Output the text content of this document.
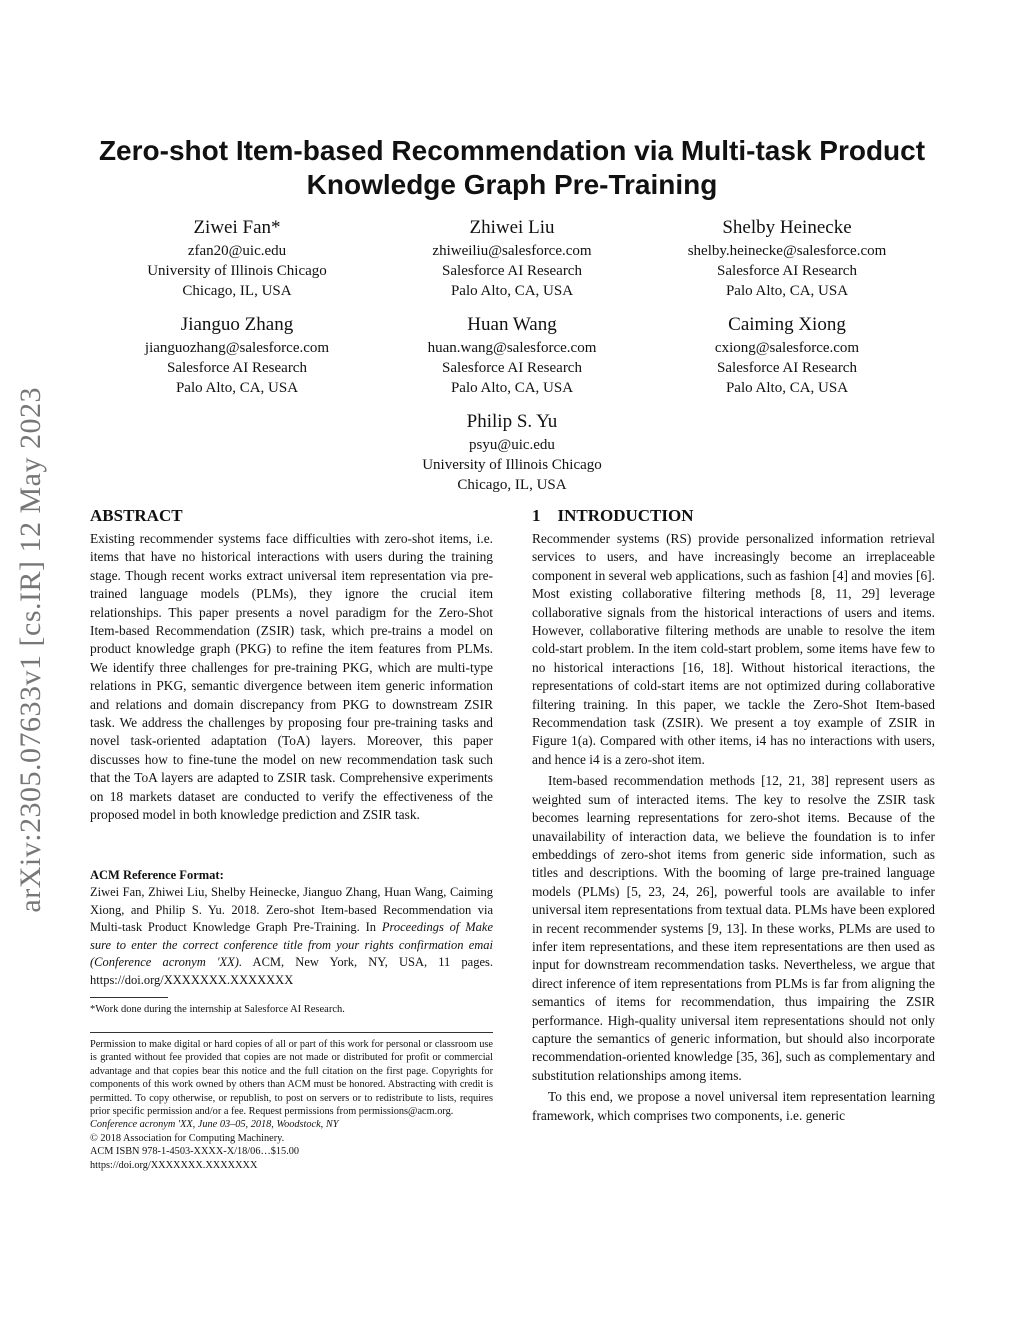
arXiv:2305.07633v1 [cs.IR] 12 May 2023
Zero-shot Item-based Recommendation via Multi-task Product Knowledge Graph Pre-Training
Ziwei Fan*
zfan20@uic.edu
University of Illinois Chicago
Chicago, IL, USA
Zhiwei Liu
zhiweiliu@salesforce.com
Salesforce AI Research
Palo Alto, CA, USA
Shelby Heinecke
shelby.heinecke@salesforce.com
Salesforce AI Research
Palo Alto, CA, USA
Jianguo Zhang
jianguozhang@salesforce.com
Salesforce AI Research
Palo Alto, CA, USA
Huan Wang
huan.wang@salesforce.com
Salesforce AI Research
Palo Alto, CA, USA
Caiming Xiong
cxiong@salesforce.com
Salesforce AI Research
Palo Alto, CA, USA
Philip S. Yu
psyu@uic.edu
University of Illinois Chicago
Chicago, IL, USA
ABSTRACT

Existing recommender systems face difficulties with zero-shot items, i.e. items that have no historical interactions with users during the training stage. Though recent works extract universal item representation via pre-trained language models (PLMs), they ignore the crucial item relationships. This paper presents a novel paradigm for the Zero-Shot Item-based Recommendation (ZSIR) task, which pre-trains a model on product knowledge graph (PKG) to refine the item features from PLMs. We identify three challenges for pre-training PKG, which are multi-type relations in PKG, semantic divergence between item generic information and relations and domain discrepancy from PKG to downstream ZSIR task. We address the challenges by proposing four pre-training tasks and novel task-oriented adaptation (ToA) layers. Moreover, this paper discusses how to fine-tune the model on new recommendation task such that the ToA layers are adapted to ZSIR task. Comprehensive experiments on 18 markets dataset are conducted to verify the effectiveness of the proposed model in both knowledge prediction and ZSIR task.

ACM Reference Format:
Ziwei Fan, Zhiwei Liu, Shelby Heinecke, Jianguo Zhang, Huan Wang, Caiming Xiong, and Philip S. Yu. 2018. Zero-shot Item-based Recommendation via Multi-task Product Knowledge Graph Pre-Training. In Proceedings of Make sure to enter the correct conference title from your rights confirmation emai (Conference acronym 'XX). ACM, New York, NY, USA, 11 pages. https://doi.org/XXXXXXX.XXXXXXX
*Work done during the internship at Salesforce AI Research.
Permission to make digital or hard copies of all or part of this work for personal or classroom use is granted without fee provided that copies are not made or distributed for profit or commercial advantage and that copies bear this notice and the full citation on the first page. Copyrights for components of this work owned by others than ACM must be honored. Abstracting with credit is permitted. To copy otherwise, or republish, to post on servers or to redistribute to lists, requires prior specific permission and/or a fee. Request permissions from permissions@acm.org.
Conference acronym 'XX, June 03–05, 2018, Woodstock, NY
© 2018 Association for Computing Machinery.
ACM ISBN 978-1-4503-XXXX-X/18/06…$15.00
https://doi.org/XXXXXXX.XXXXXXX
1    INTRODUCTION

Recommender systems (RS) provide personalized information retrieval services to users, and have increasingly become an irreplaceable component in several web applications, such as fashion [4] and movies [6]. Most existing collaborative filtering methods [8, 11, 29] leverage collaborative signals from the historical interactions of users and items. However, collaborative filtering methods are unable to resolve the item cold-start problem. In the item cold-start problem, some items have few to no historical interactions [16, 18]. Without historical iteractions, the representations of cold-start items are not optimized during collaborative filtering training. In this paper, we tackle the Zero-Shot Item-based Recommendation task (ZSIR). We present a toy example of ZSIR in Figure 1(a). Compared with other items, i4 has no interactions with users, and hence i4 is a zero-shot item.

Item-based recommendation methods [12, 21, 38] represent users as weighted sum of interacted items. The key to resolve the ZSIR task becomes learning representations for zero-shot items. Because of the unavailability of interaction data, we believe the foundation is to infer embeddings of zero-shot items from generic side information, such as titles and descriptions. With the booming of large pre-trained language models (PLMs) [5, 23, 24, 26], powerful tools are available to infer universal item representations from textual data. PLMs have been explored in recent recommender systems [9, 13]. In these works, PLMs are used to infer item representations, and these item representations are then used as input for downstream recommendation tasks. Nevertheless, we argue that direct inference of item representations from PLMs is far from aligning the semantics of items for recommendation, thus impairing the ZSIR performance. High-quality universal item representations should not only capture the semantics of generic information, but should also incorporate recommendation-oriented knowledge [35, 36], such as complementary and substitution relationships among items.

To this end, we propose a novel universal item representation learning framework, which comprises two components, i.e. generic
